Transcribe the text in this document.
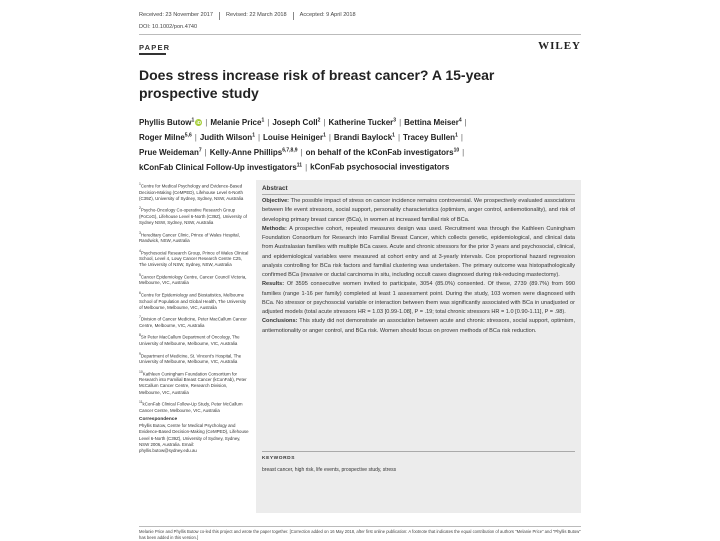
Received: 23 November 2017 Revised: 22 March 2018 Accepted: 9 April 2018
DOI: 10.1002/pon.4740
PAPER	WILEY
Does stress increase risk of breast cancer? A 15-year prospective study
Phyllis Butow$^1$ iD | Melanie Price$^1$ | Joseph Coll$^2$ | Katherine Tucker$^3$ | Bettina Meiser$^4$ |
Roger Milne$^{5,6}$ | Judith Wilson$^1$ | Louise Heiniger$^1$ | Brandi Baylock$^1$ | Tracey Bullen$^1$ |
Prue Weideman$^7$ | Kelly-Anne Phillips$^{6,7,8,9}$ | on behalf of the kConFab investigators$^{10}$ |
kConFab Clinical Follow-Up investigators$^{11}$ | kConFab psychosocial investigators

$^1$Centre for Medical Psychology and Evidence-Based Decision-Making (CeMPED), Lifehouse Level 6-North (C39Z), University of Sydney, Sydney, NSW, Australia

$^2$Psycho-Oncology Co-operative Research Group (PoCoG), Lifehouse Level 6-North (C39Z), University of Sydney NSW, Sydney, NSW, Australia

$^3$Hereditary Cancer Clinic, Prince of Wales Hospital, Randwick, NSW, Australia

$^4$Psychosocial Research Group, Prince of Wales Clinical School, Level 4, Lowy Cancer Research Centre C25, The University of NSW, Sydney, NSW, Australia

$^5$Cancer Epidemiology Centre, Cancer Council Victoria, Melbourne, VIC, Australia

$^6$Centre for Epidemiology and Biostatistics, Melbourne School of Population and Global Health, The University of Melbourne, Melbourne, VIC, Australia

$^7$Division of Cancer Medicine, Peter MacCallum Cancer Centre, Melbourne, VIC, Australia

$^8$Sir Peter MacCallum Department of Oncology, The University of Melbourne, Melbourne, VIC, Australia

$^9$Department of Medicine, St. Vincent's Hospital, The University of Melbourne, Melbourne, VIC, Australia

$^{10}$Kathleen Cuningham Foundation Consortium for Research into Familial Breast Cancer (kConFab), Peter McCallum Cancer Centre, Research Division, Melbourne, VIC, Australia

$^{11}$kConFab Clinical Follow-Up Study, Peter McCallum Cancer Centre, Melbourne, VIC, Australia

Correspondence
Phyllis Butow, Centre for Medical Psychology and Evidence-Based Decision-Making (CeMPED), Lifehouse Level 6-North (C39Z), University of Sydney, Sydney, NSW 2006, Australia. Email: phyllis.butow@sydney.edu.au
Abstract

Objective: The possible impact of stress on cancer incidence remains controversial. We prospectively evaluated associations between life event stressors, social support, personality characteristics (optimism, anger control, antiemotionality), and risk of developing primary breast cancer (BCa), in women at increased familial risk of BCa.

Methods: A prospective cohort, repeated measures design was used. Recruitment was through the Kathleen Cuningham Foundation Consortium for Research into Familial Breast Cancer, which collects genetic, epidemiological, and clinical data from Australasian families with multiple BCa cases. Acute and chronic stressors for the prior 3 years and psychosocial, clinical, and epidemiological variables were measured at cohort entry and at 3-yearly intervals. Cox proportional hazard regression analysis controlling for BCa risk factors and familial clustering was undertaken. The primary outcome was histopathologically confirmed BCa (invasive or ductal carcinoma in situ, including occult cases diagnosed during risk-reducing mastectomy).

Results: Of 3595 consecutive women invited to participate, 3054 (85.0%) consented. Of these, 2739 (89.7%) from 990 families (range 1-16 per family) completed at least 1 assessment point. During the study, 103 women were diagnosed with BCa. No stressor or psychosocial variable or interaction between them was significantly associated with BCa in unadjusted or adjusted models (total acute stressors HR = 1.03 [0.99-1.08], P = .19; total chronic stressors HR = 1.0 [0.90-1.11], P = .98).

Conclusions: This study did not demonstrate an association between acute and chronic stressors, social support, optimism, antiemotionality or anger control, and BCa risk. Women should focus on proven methods of BCa risk reduction.

KEYWORDS
breast cancer, high risk, life events, prospective study, stress
Melanie Price and Phyllis Butow co-led this project and wrote the paper together. [Correction added on 16 May 2018, after first online publication: A footnote that indicates the equal contribution of authors "Melanie Price" and "Phyllis Butow" has been added in this version.]
